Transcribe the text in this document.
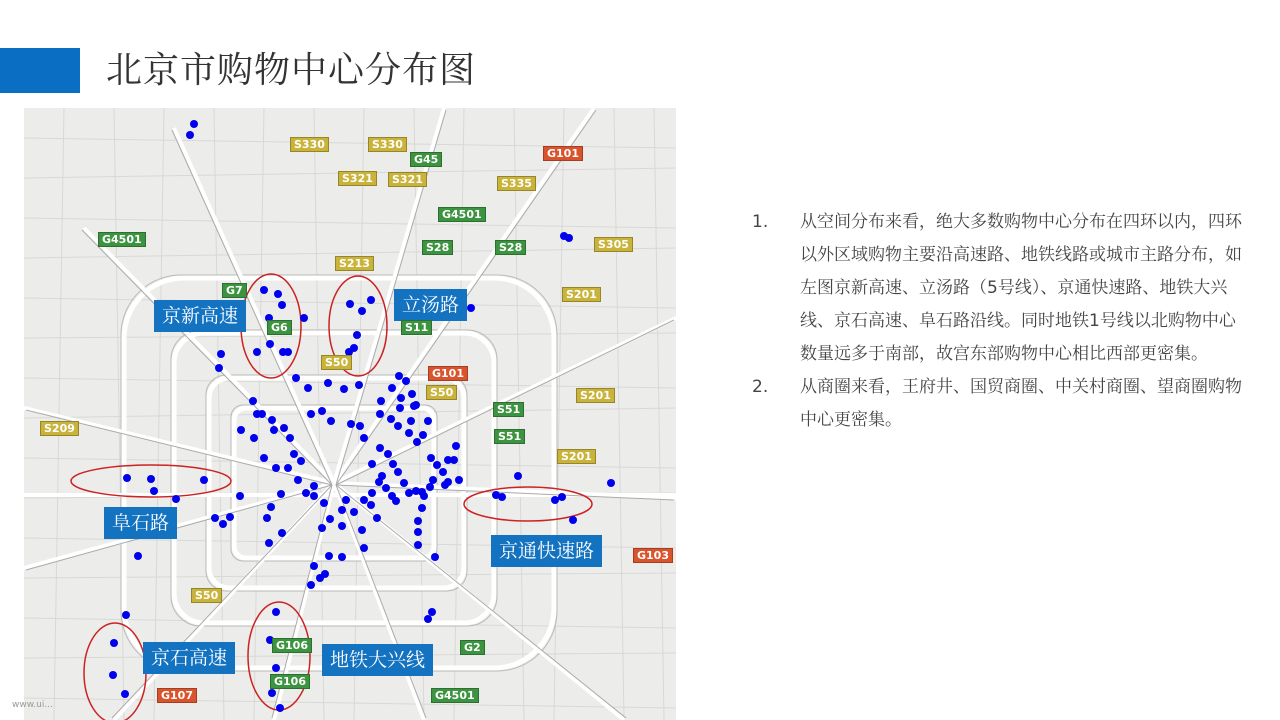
北京市购物中心分布图
京新高速	立汤路
阜石路
京通快速路
京石高速	地铁大兴线
S330	S330
G45	G101
S335
S321	S321
G4501
G4501
S28	S28	S305
S213
G7	S201
G6	S11
S50
G101
S50	S201
S51
S209
S51
S201
G103
S50
G106
G106
G107	G4501
G2
1. 从空间分布来看，绝大多数购物中心分布在四环以内，四环以外区域购物主要沿高速路、地铁线路或城市主路分布，如左图京新高速、立汤路（5号线）、京通快速路、地铁大兴线、京石高速、阜石路沿线。同时地铁1号线以北购物中心数量远多于南部，故宫东部购物中心相比西部更密集。
2. 从商圈来看，王府井、国贸商圈、中关村商圈、望商圈购物中心更密集。
www.ui...
